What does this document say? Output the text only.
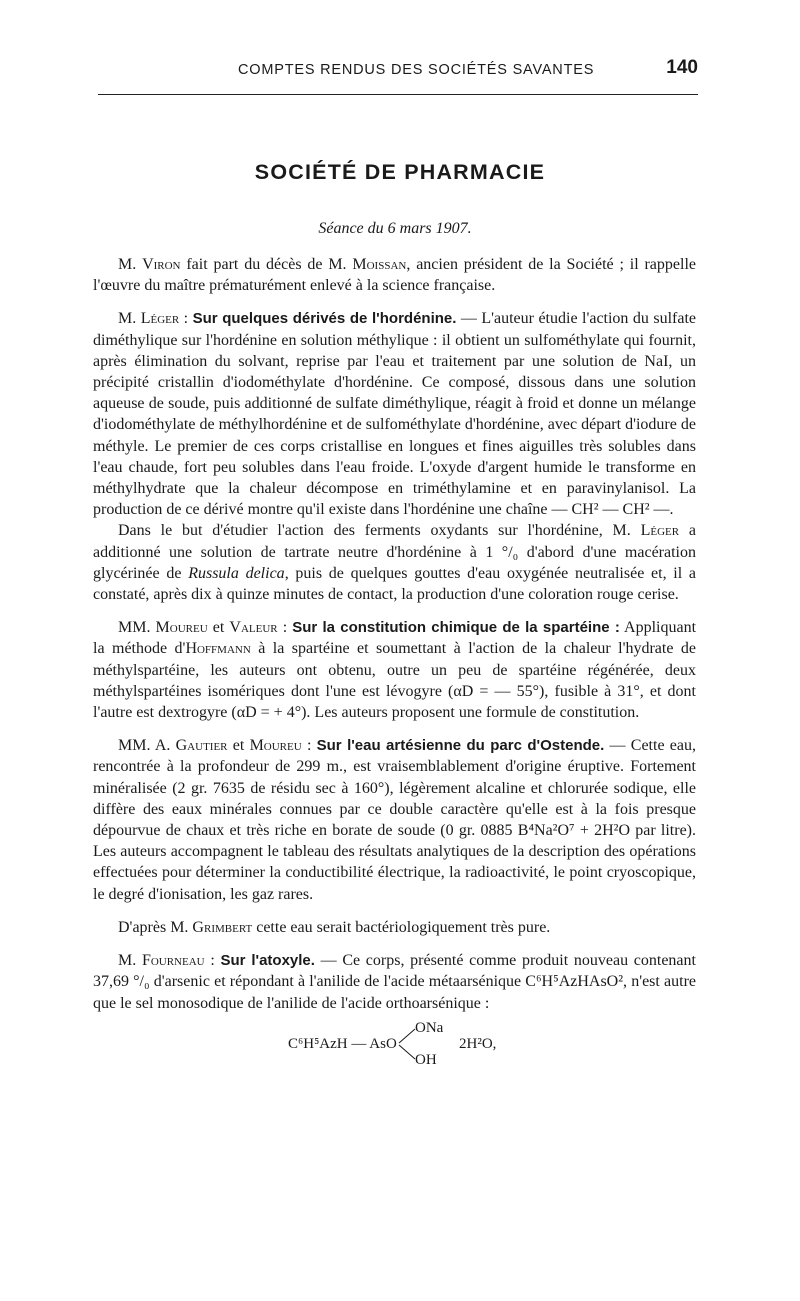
COMPTES RENDUS DES SOCIÉTÉS SAVANTES	140
SOCIÉTÉ DE PHARMACIE
Séance du 6 mars 1907.

M. Viron fait part du décès de M. Moissan, ancien président de la Société ; il rappelle l'œuvre du maître prématurément enlevé à la science française.

M. Léger : Sur quelques dérivés de l'hordénine. — L'auteur étudie l'action du sulfate diméthylique sur l'hordénine en solution méthylique : il obtient un sulfométhylate qui fournit, après élimination du solvant, reprise par l'eau et traitement par une solution de NaI, un précipité cristallin d'iodométhylate d'hordénine. Ce composé, dissous dans une solution aqueuse de soude, puis additionné de sulfate diméthylique, réagit à froid et donne un mélange d'iodométhylate de méthylhordénine et de sulfométhylate d'hordénine, avec départ d'iodure de méthyle. Le premier de ces corps cristallise en longues et fines aiguilles très solubles dans l'eau chaude, fort peu solubles dans l'eau froide. L'oxyde d'argent humide le transforme en méthylhydrate que la chaleur décompose en triméthylamine et en paravinylanisol. La production de ce dérivé montre qu'il existe dans l'hordénine une chaîne — CH² — CH² —.

Dans le but d'étudier l'action des ferments oxydants sur l'hordénine, M. Léger a additionné une solution de tartrate neutre d'hordénine à 1 °/₀ d'abord d'une macération glycérinée de Russula delica, puis de quelques gouttes d'eau oxygénée neutralisée et, il a constaté, après dix à quinze minutes de contact, la production d'une coloration rouge cerise.

MM. Moureu et Valeur : Sur la constitution chimique de la spartéine : Appliquant la méthode d'Hoffmann à la spartéine et soumettant à l'action de la chaleur l'hydrate de méthylspartéine, les auteurs ont obtenu, outre un peu de spartéine régénérée, deux méthylspartéines isomériques dont l'une est lévogyre (αD = — 55°), fusible à 31°, et dont l'autre est dextrogyre (αD = + 4°). Les auteurs proposent une formule de constitution.

MM. A. Gautier et Moureu : Sur l'eau artésienne du parc d'Ostende. — Cette eau, rencontrée à la profondeur de 299 m., est vraisemblablement d'origine éruptive. Fortement minéralisée (2 gr. 7635 de résidu sec à 160°), légèrement alcaline et chlorurée sodique, elle diffère des eaux minérales connues par ce double caractère qu'elle est à la fois presque dépourvue de chaux et très riche en borate de soude (0 gr. 0885 B⁴Na²O⁷ + 2H²O par litre). Les auteurs accompagnent le tableau des résultats analytiques de la description des opérations effectuées pour déterminer la conductibilité électrique, la radioactivité, le point cryoscopique, le degré d'ionisation, les gaz rares.

D'après M. Grimbert cette eau serait bactériologiquement très pure.

M. Fourneau : Sur l'atoxyle. — Ce corps, présenté comme produit nouveau contenant 37,69 °/₀ d'arsenic et répondant à l'anilide de l'acide métaarsénique C⁶H⁵AzHAsO², n'est autre que le sel monosodique de l'anilide de l'acide orthoarsénique :

C⁶H⁵AzH — AsO
ONa
OH
2H²O,
